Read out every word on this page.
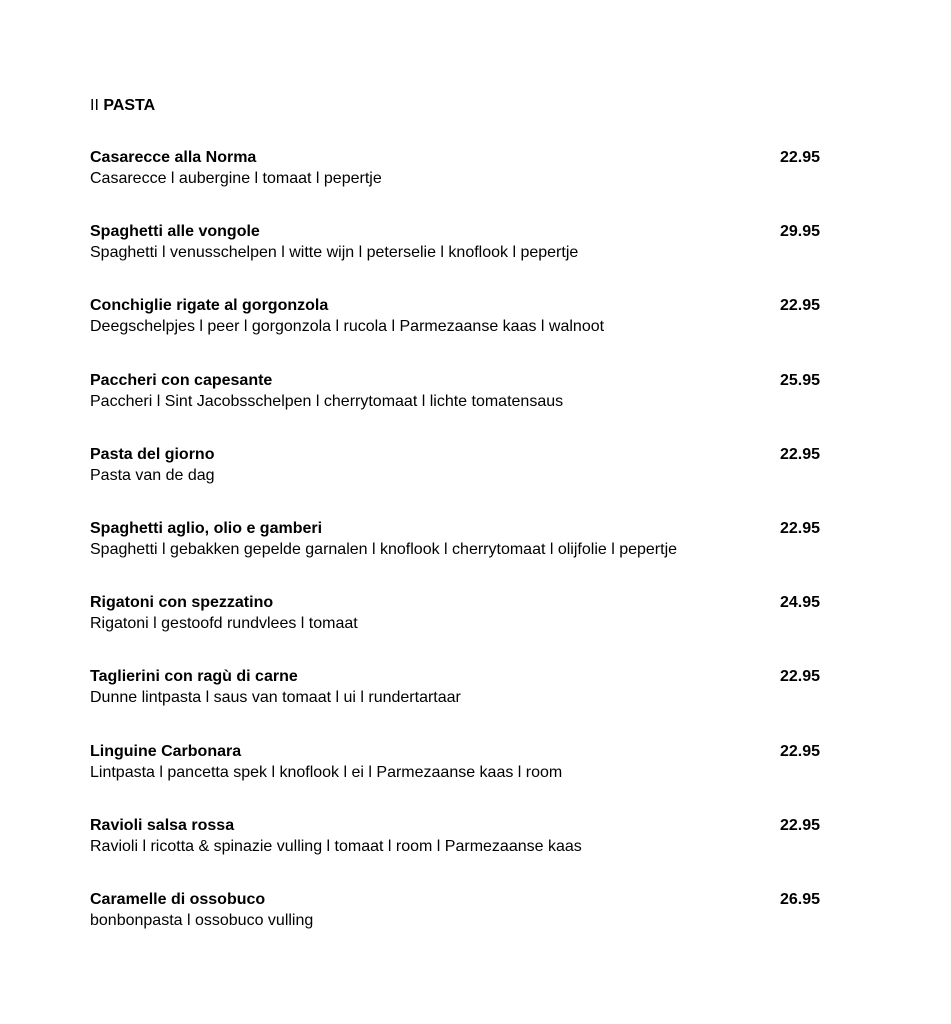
II PASTA
Casarecce alla Norma
Casarecce l aubergine l tomaat l pepertje
22.95
Spaghetti alle vongole
Spaghetti l venusschelpen l witte wijn l peterselie l knoflook l pepertje
29.95
Conchiglie rigate al gorgonzola
Deegschelpjes l peer l gorgonzola l rucola l Parmezaanse kaas l walnoot
22.95
Paccheri con capesante
Paccheri l Sint Jacobsschelpen l cherrytomaat l lichte tomatensaus
25.95
Pasta del giorno
Pasta van de dag
22.95
Spaghetti aglio, olio e gamberi
Spaghetti l gebakken gepelde garnalen l knoflook l cherrytomaat l olijfolie l pepertje
22.95
Rigatoni con spezzatino
Rigatoni l gestoofd rundvlees l tomaat
24.95
Taglierini con ragù di carne
Dunne lintpasta l saus van tomaat l ui l rundertartaar
22.95
Linguine Carbonara
Lintpasta l pancetta spek l knoflook l ei l Parmezaanse kaas l room
22.95
Ravioli salsa rossa
Ravioli l ricotta & spinazie vulling l tomaat l room l Parmezaanse kaas
22.95
Caramelle di ossobuco
bonbonpasta l ossobuco vulling
26.95
